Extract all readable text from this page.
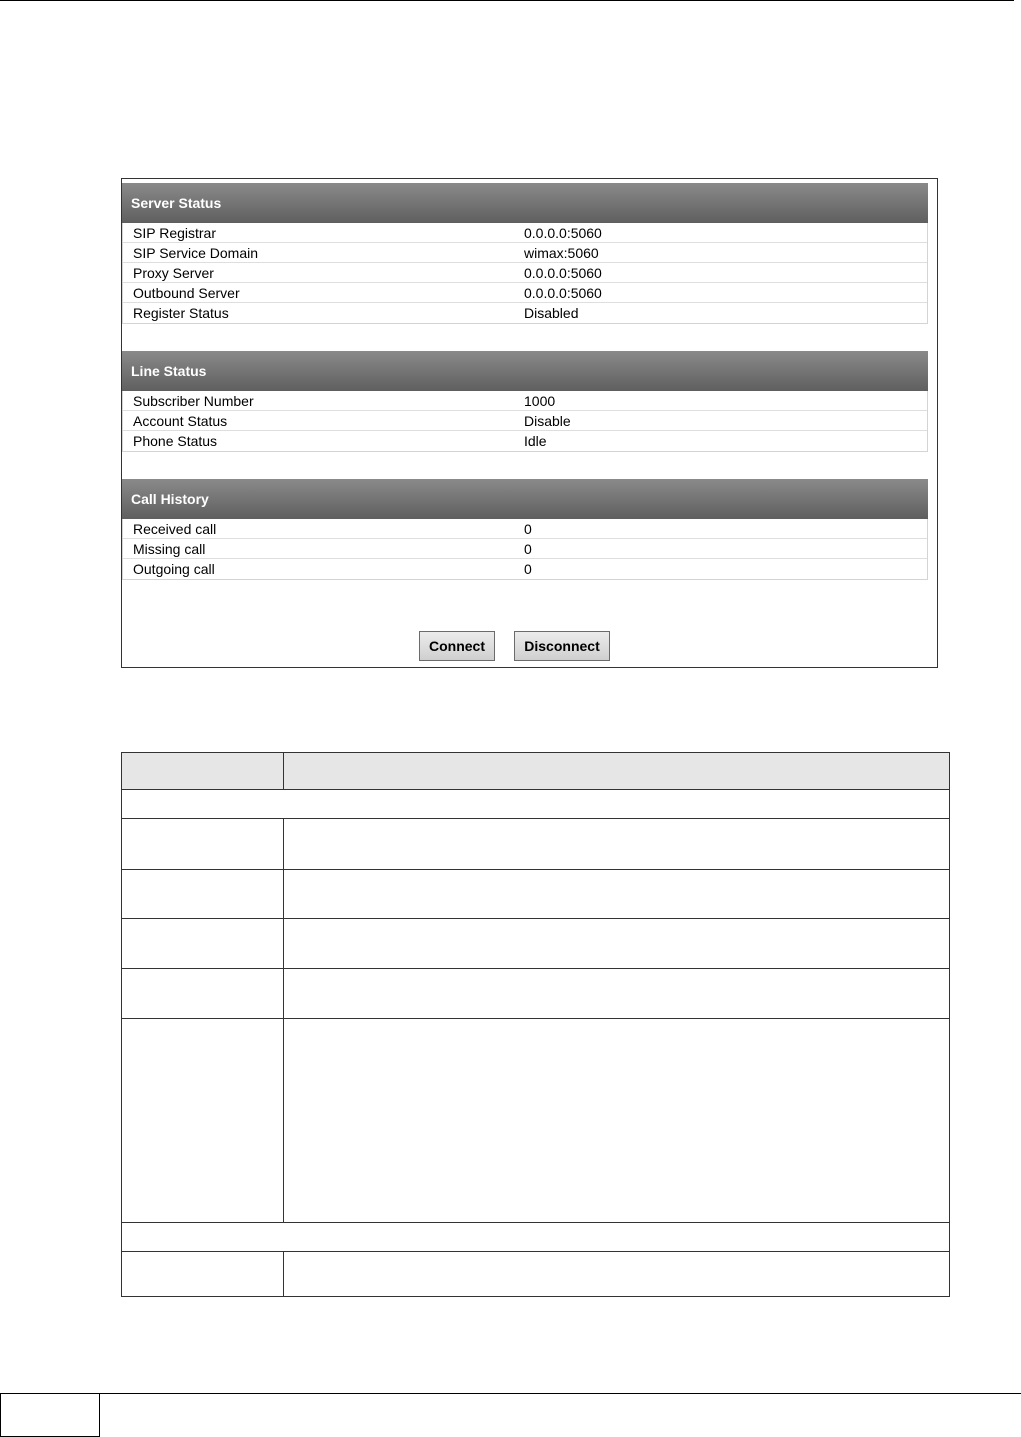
Server Status
SIP Registrar	0.0.0.0:5060
SIP Service Domain	wimax:5060
Proxy Server	0.0.0.0:5060
Outbound Server	0.0.0.0:5060
Register Status	Disabled
Line Status
Subscriber Number	1000
Account Status	Disable
Phone Status	Idle
Call History
Received call	0
Missing call	0
Outgoing call	0
Connect	Disconnect
